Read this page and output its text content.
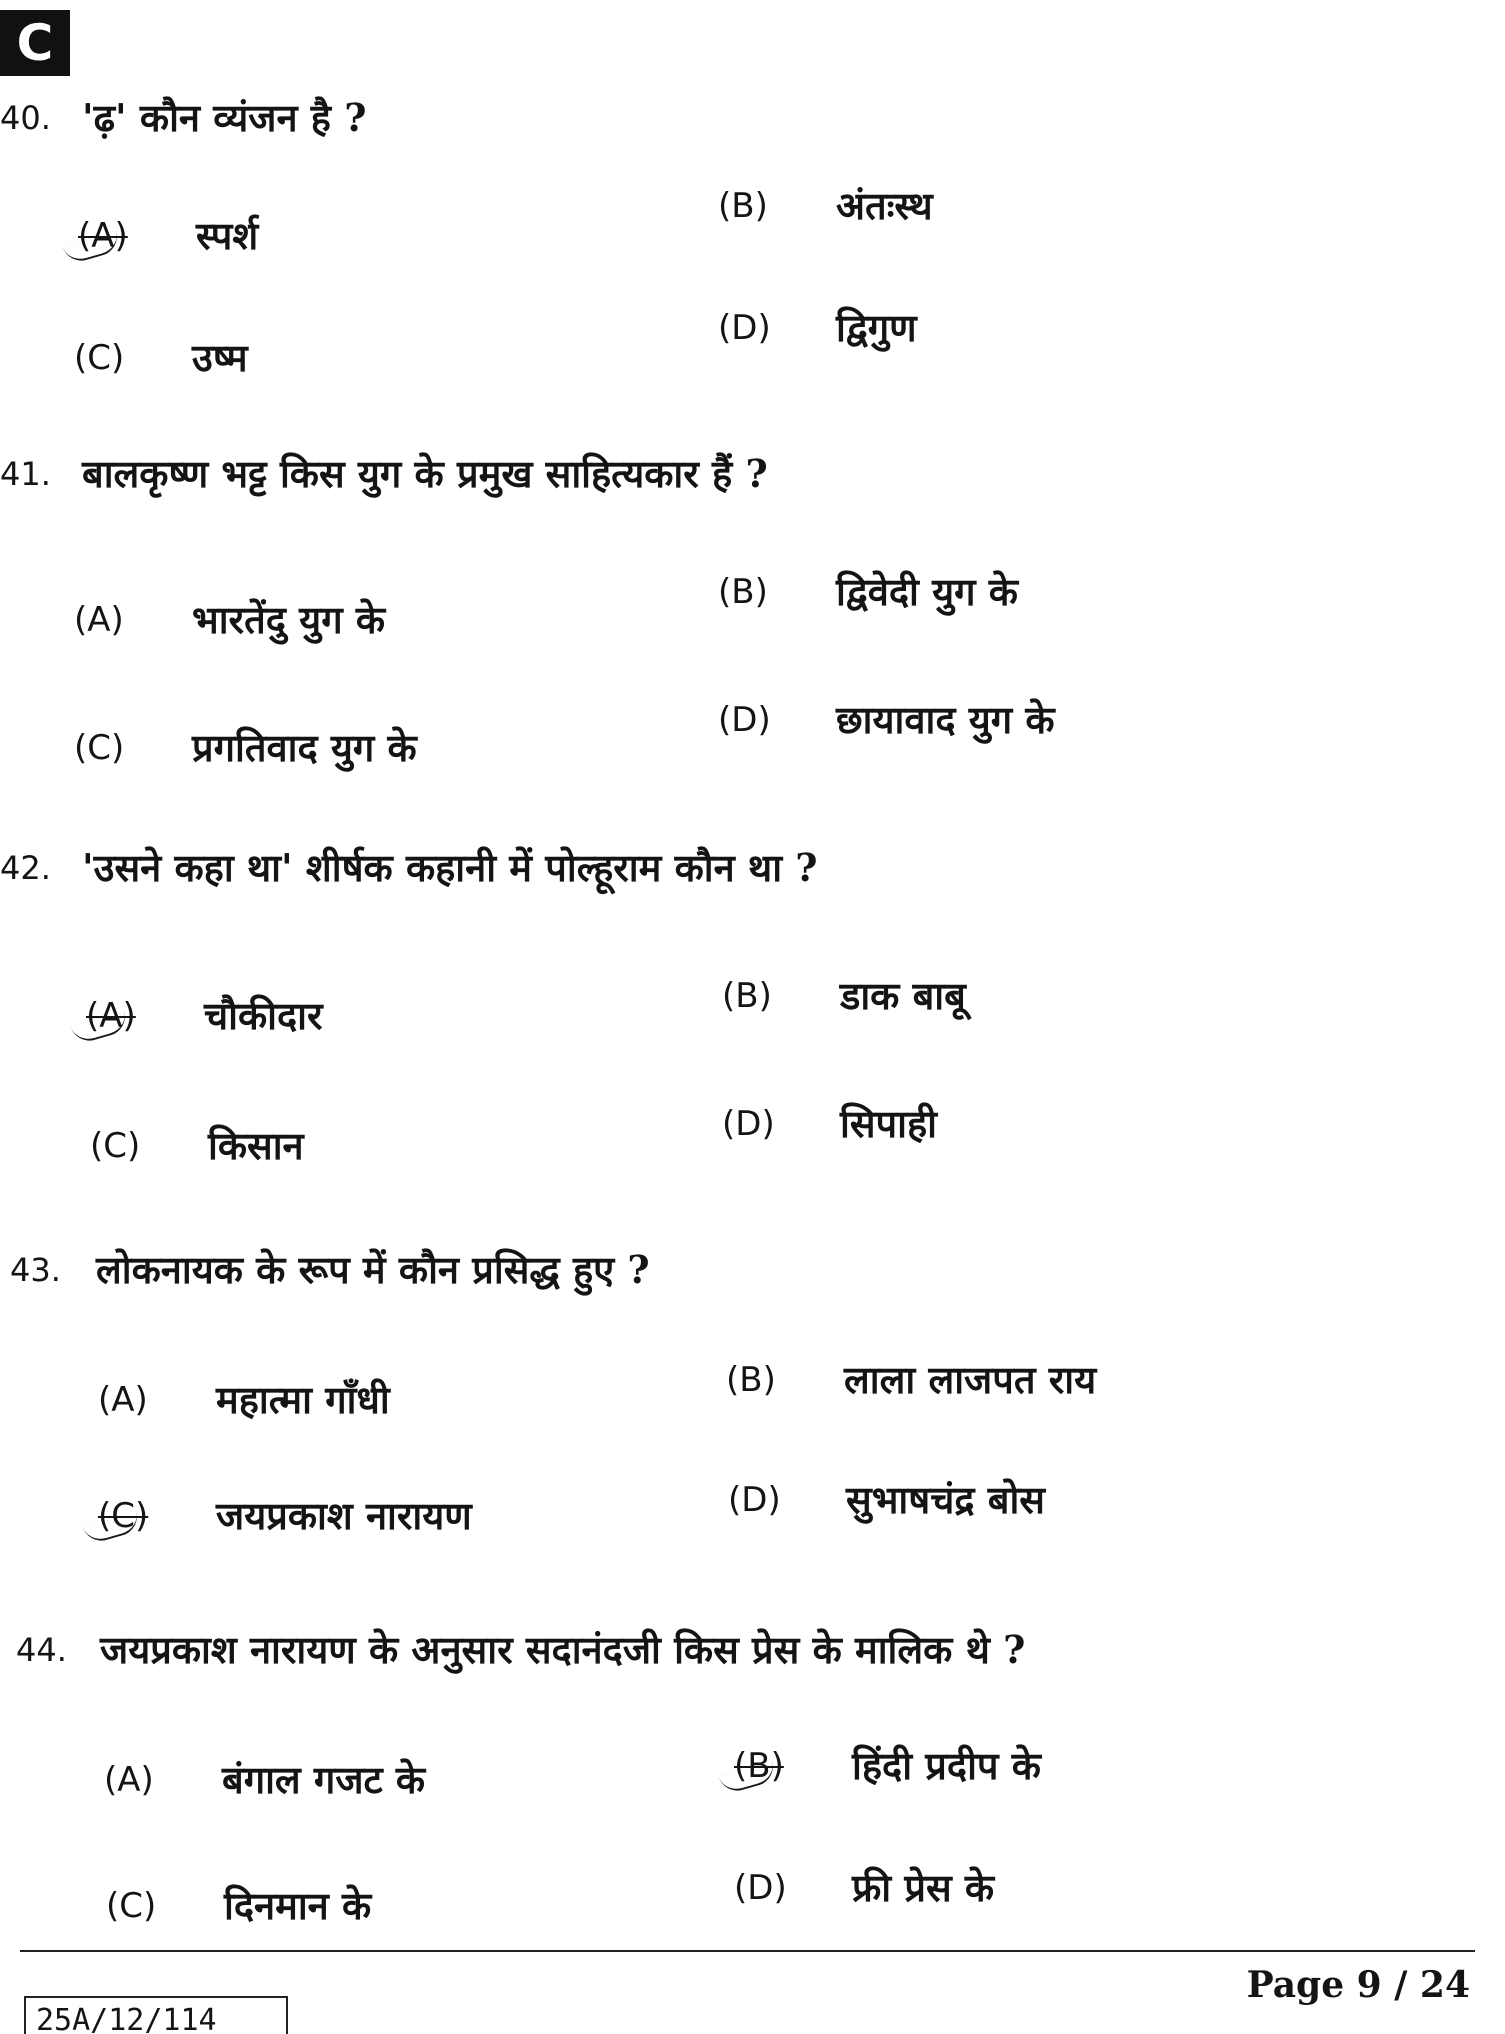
C
40. 'ढ़' कौन व्यंजन है ?
(A) स्पर्श
(B) अंतःस्थ
(C) उष्म
(D) द्विगुण
41. बालकृष्ण भट्ट किस युग के प्रमुख साहित्यकार हैं ?
(A) भारतेंदु युग के
(B) द्विवेदी युग के
(C) प्रगतिवाद युग के
(D) छायावाद युग के
42. 'उसने कहा था' शीर्षक कहानी में पोल्हूराम कौन था ?
(A) चौकीदार	(B) डाक बाबू
(C) किसान	(D) सिपाही
43. लोकनायक के रूप में कौन प्रसिद्ध हुए ?
(A) महात्मा गाँधी	(B) लाला लाजपत राय
(C) जयप्रकाश नारायण	(D) सुभाषचंद्र बोस
44. जयप्रकाश नारायण के अनुसार सदानंदजी किस प्रेस के मालिक थे ?
(A) बंगाल गजट के	(B) हिंदी प्रदीप के
(C) दिनमान के	(D) फ्री प्रेस के
25A/12/114
Page 9 / 24
